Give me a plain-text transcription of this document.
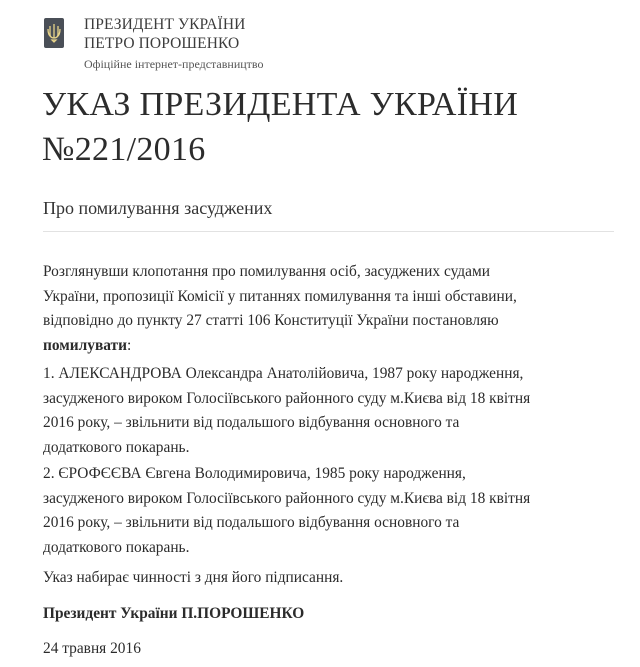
ПРЕЗИДЕНТ УКРАЇНИ
ПЕТРО ПОРОШЕНКО
Офіційне інтернет-представництво
УКАЗ ПРЕЗИДЕНТА УКРАЇНИ
№221/2016
Про помилування засуджених

Розглянувши клопотання про помилування осіб, засуджених судами
України, пропозиції Комісії у питаннях помилування та інші обставини,
відповідно до пункту 27 статті 106 Конституції України постановляю
помилувати:

1. АЛЕКСАНДРОВА Олександра Анатолійовича, 1987 року народження,
засудженого вироком Голосіївського районного суду м.Києва від 18 квітня
2016 року, – звільнити від подальшого відбування основного та
додаткового покарань.

2. ЄРОФЄЄВА Євгена Володимировича, 1985 року народження,
засудженого вироком Голосіївського районного суду м.Києва від 18 квітня
2016 року, – звільнити від подальшого відбування основного та
додаткового покарань.

Указ набирає чинності з дня його підписання.

Президент України П.ПОРОШЕНКО

24 травня 2016
